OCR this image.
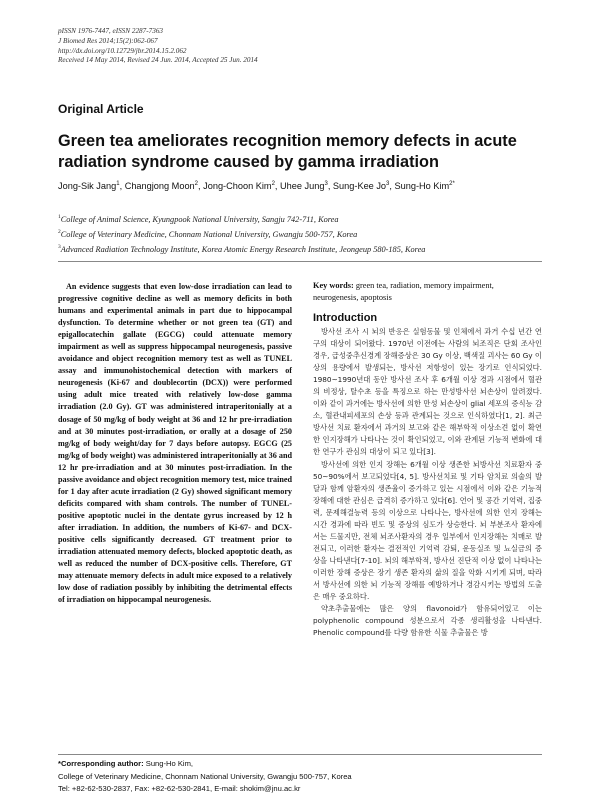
pISSN 1976-7447, eISSN 2287-7363
J Biomed Res 2014;15(2):062-067
http://dx.doi.org/10.12729/jbr.2014.15.2.062
Received 14 May 2014, Revised 24 Jun. 2014, Accepted 25 Jun. 2014
Original Article
Green tea ameliorates recognition memory defects in acute radiation syndrome caused by gamma irradiation
Jong-Sik Jang$^1$, Changjong Moon$^2$, Jong-Choon Kim$^2$, Uhee Jung$^3$, Sung-Kee Jo$^3$, Sung-Ho Kim$^{2*}$
$^1$College of Animal Science, Kyungpook National University, Sangju 742-711, Korea
$^2$College of Veterinary Medicine, Chonnam National University, Gwangju 500-757, Korea
$^3$Advanced Radiation Technology Institute, Korea Atomic Energy Research Institute, Jeongeup 580-185, Korea

An evidence suggests that even low-dose irradiation can lead to progressive cognitive decline as well as memory deficits in both humans and experimental animals in part due to hippocampal dysfunction. To determine whether or not green tea (GT) and epigallocatechin gallate (EGCG) could attenuate memory impairment as well as suppress hippocampal neurogenesis, passive avoidance and object recognition memory test as well as TUNEL assay and immunohistochemical detection with markers of neurogenesis (Ki-67 and doublecortin (DCX)) were performed using adult mice treated with relatively low-dose gamma irradiation (2.0 Gy). GT was administered intraperitonially at a dosage of 50 mg/kg of body weight at 36 and 12 hr pre-irradiation and at 30 minutes post-irradiation, or orally at a dosage of 250 mg/kg of body weight/day for 7 days before autopsy. EGCG (25 mg/kg of body weight) was administered intraperitonially at 36 and 12 hr pre-irradiation and at 30 minutes post-irradiation. In the passive avoidance and object recognition memory test, mice trained for 1 day after acute irradiation (2 Gy) showed significant memory deficits compared with sham controls. The number of TUNEL-positive apoptotic nuclei in the dentate gyrus increased by 12 h after irradiation. In addition, the numbers of Ki-67- and DCX-positive cells significantly decreased. GT treatment prior to irradiation attenuated memory defects, blocked apoptotic death, as well as reduced the number of DCX-positive cells. Therefore, GT may attenuate memory defects in adult mice exposed to a relatively low dose of radiation possibly by inhibiting the detrimental effects of irradiation on hippocampal neurogenesis.

Key words: green tea, radiation, memory impairment, neurogenesis, apoptosis

Introduction

방사선 조사 시 뇌의 반응은 실험동물 및 인체에서 과거 수십 년간 연구의 대상이 되어왔다. 1970년 이전에는 사람의 뇌조직은 단회 조사인 경우, 급성중추신경계 장해증상은 30 Gy 이상, 백색질 괴사는 60 Gy 이상의 용량에서 발생되는, 방사선 저항성이 있는 장기로 인식되었다. 1980~1990년대 동안 방사선 조사 후 6개월 이상 경과 시점에서 혈관의 비정상, 탈수초 등을 특징으로 하는 만성방사선 뇌손상이 알려졌다. 이와 같이 과거에는 방사선에 의한 만성 뇌손상이 glial 세포의 증식능 감소, 혈관내피세포의 손상 등과 관계되는 것으로 인식하였다[1, 2]. 최근 방사선 치료 환자에서 과거의 보고와 같은 해부학적 이상소견 없이 확연한 인지장해가 나타나는 것이 확인되었고, 이와 관계된 기능적 변화에 대한 연구가 관심의 대상이 되고 있다[3].

방사선에 의한 인지 장해는 6개월 이상 생존한 뇌방사선 치료환자 중 50~90%에서 보고되었다[4, 5]. 방사선치료 및 기타 암치료 의술의 발달과 함께 암환자의 생존율이 증가하고 있는 시점에서 이와 같은 기능적 장해에 대한 관심은 급격히 증가하고 있다[6]. 언어 및 공간 기억력, 집중력, 문제해결능력 등의 이상으로 나타나는, 방사선에 의한 인지 장해는 시간 경과에 따라 빈도 및 증상의 심도가 상승한다. 뇌 부분조사 환자에서는 드물지만, 전체 뇌조사환자의 경우 일부에서 인지장해는 치매로 발전되고, 이러한 환자는 결전적인 기억력 감퇴, 운동실조 및 뇨실금의 증상을 나타낸다[7-10]. 뇌의 해부학적, 방사선 진단적 이상 없이 나타나는 이러한 장해 증상은 장기 생존 환자의 삶의 질을 악화 시키게 되며, 따라서 방사선에 의한 뇌 기능적 장해를 예방하거나 경감시키는 방법의 도출은 매우 중요하다.

약초추출물에는 많은 양의 flavonoid가 함유되어있고 이는 polyphenolic compound 성분으로서 각종 생리활성을 나타낸다. Phenolic compound를 다량 함유한 식물 추출물은 방

*Corresponding author: Sung-Ho Kim,
College of Veterinary Medicine, Chonnam National University, Gwangju 500-757, Korea
Tel: +82-62-530-2837, Fax: +82-62-530-2841, E-mail: shokim@jnu.ac.kr
